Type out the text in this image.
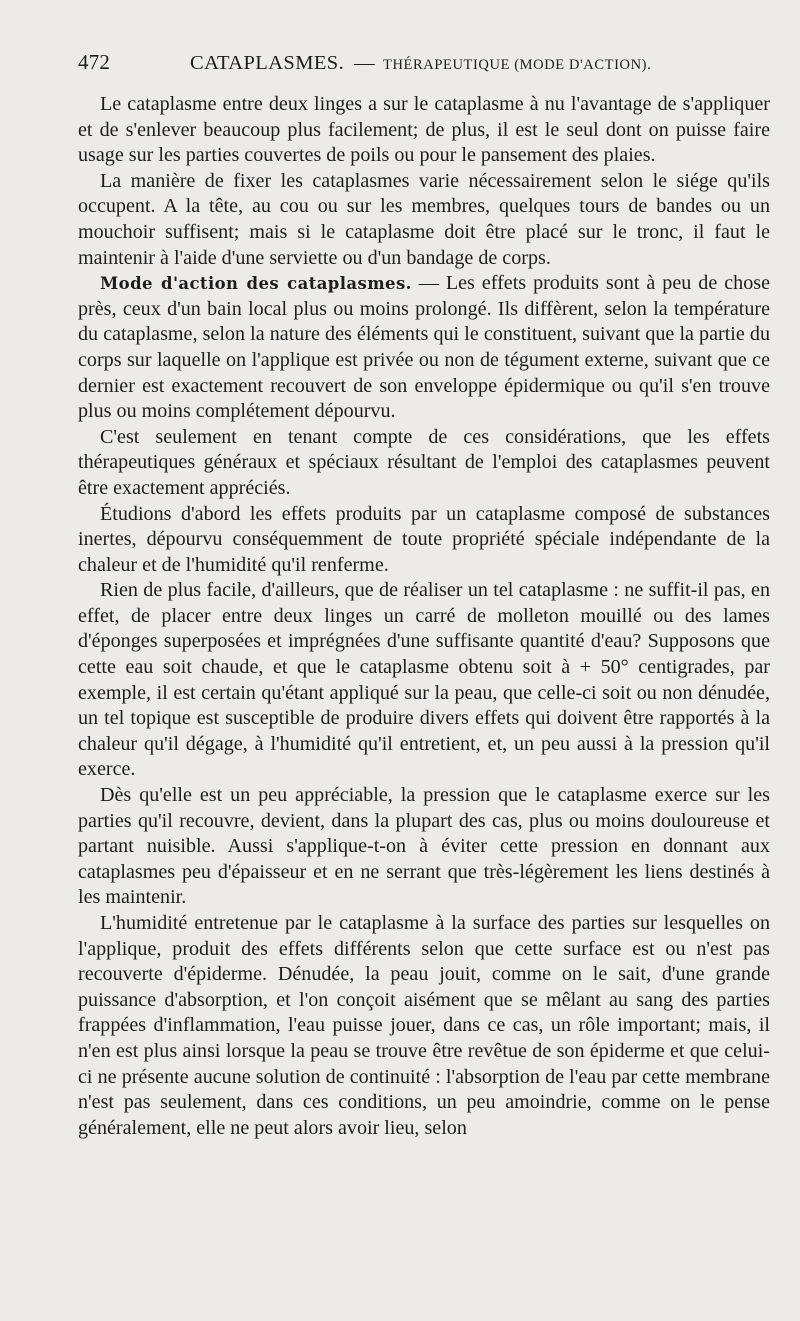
472	CATAPLASMES. — THÉRAPEUTIQUE (MODE D'ACTION).

Le cataplasme entre deux linges a sur le cataplasme à nu l'avantage de s'appliquer et de s'enlever beaucoup plus facilement; de plus, il est le seul dont on puisse faire usage sur les parties couvertes de poils ou pour le pansement des plaies.

La manière de fixer les cataplasmes varie nécessairement selon le siége qu'ils occupent. A la tête, au cou ou sur les membres, quelques tours de bandes ou un mouchoir suffisent; mais si le cataplasme doit être placé sur le tronc, il faut le maintenir à l'aide d'une serviette ou d'un bandage de corps.

Mode d'action des cataplasmes. — Les effets produits sont à peu de chose près, ceux d'un bain local plus ou moins prolongé. Ils diffèrent, selon la température du cataplasme, selon la nature des éléments qui le constituent, suivant que la partie du corps sur laquelle on l'applique est privée ou non de tégument externe, suivant que ce dernier est exactement recouvert de son enveloppe épidermique ou qu'il s'en trouve plus ou moins complétement dépourvu.

C'est seulement en tenant compte de ces considérations, que les effets thérapeutiques généraux et spéciaux résultant de l'emploi des cataplasmes peuvent être exactement appréciés.

Étudions d'abord les effets produits par un cataplasme composé de substances inertes, dépourvu conséquemment de toute propriété spéciale indépendante de la chaleur et de l'humidité qu'il renferme.

Rien de plus facile, d'ailleurs, que de réaliser un tel cataplasme : ne suffit-il pas, en effet, de placer entre deux linges un carré de molleton mouillé ou des lames d'éponges superposées et imprégnées d'une suffisante quantité d'eau? Supposons que cette eau soit chaude, et que le cataplasme obtenu soit à + 50° centigrades, par exemple, il est certain qu'étant appliqué sur la peau, que celle-ci soit ou non dénudée, un tel topique est susceptible de produire divers effets qui doivent être rapportés à la chaleur qu'il dégage, à l'humidité qu'il entretient, et, un peu aussi à la pression qu'il exerce.

Dès qu'elle est un peu appréciable, la pression que le cataplasme exerce sur les parties qu'il recouvre, devient, dans la plupart des cas, plus ou moins douloureuse et partant nuisible. Aussi s'applique-t-on à éviter cette pression en donnant aux cataplasmes peu d'épaisseur et en ne serrant que très-légèrement les liens destinés à les maintenir.

L'humidité entretenue par le cataplasme à la surface des parties sur lesquelles on l'applique, produit des effets différents selon que cette surface est ou n'est pas recouverte d'épiderme. Dénudée, la peau jouit, comme on le sait, d'une grande puissance d'absorption, et l'on conçoit aisément que se mêlant au sang des parties frappées d'inflammation, l'eau puisse jouer, dans ce cas, un rôle important; mais, il n'en est plus ainsi lorsque la peau se trouve être revêtue de son épiderme et que celui-ci ne présente aucune solution de continuité : l'absorption de l'eau par cette membrane n'est pas seulement, dans ces conditions, un peu amoindrie, comme on le pense généralement, elle ne peut alors avoir lieu, selon
